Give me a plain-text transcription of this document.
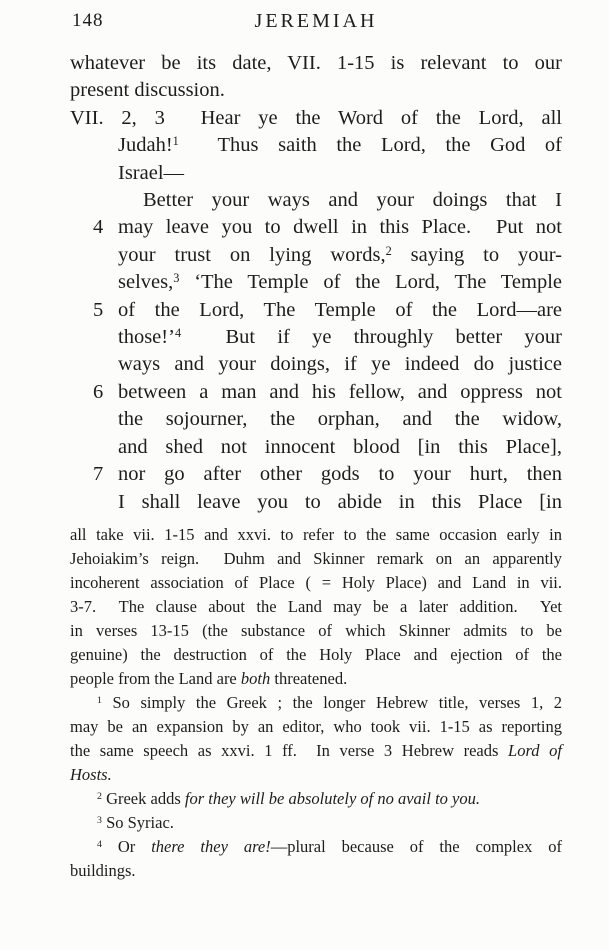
148	JEREMIAH
whatever be its date, VII. 1-15 is relevant to our
present discussion.
VII. 2, 3  Hear ye the Word of the Lord, all
Judah!$^1$  Thus saith the Lord, the God of
Israel—
Better your ways and your doings that I
4 may leave you to dwell in this Place.  Put not
your trust on lying words,$^2$ saying to your-
selves,$^3$ ‘The Temple of the Lord, The Temple
5 of the Lord, The Temple of the Lord—are
those!’$^4$  But if ye throughly better your
ways and your doings, if ye indeed do justice
6 between a man and his fellow, and oppress not
the sojourner, the orphan, and the widow,
and shed not innocent blood [in this Place],
7 nor go after other gods to your hurt, then
I shall leave you to abide in this Place [in
all take vii. 1-15 and xxvi. to refer to the same occasion early in
Jehoiakim’s reign.  Duhm and Skinner remark on an apparently
incoherent association of Place ( = Holy Place) and Land in vii.
3-7.  The clause about the Land may be a later addition.  Yet
in verses 13-15 (the substance of which Skinner admits to be
genuine) the destruction of the Holy Place and ejection of the
people from the Land are both threatened.
$^1$ So simply the Greek ; the longer Hebrew title, verses 1, 2
may be an expansion by an editor, who took vii. 1-15 as reporting
the same speech as xxvi. 1 ff.  In verse 3 Hebrew reads Lord of
Hosts.
$^2$ Greek adds for they will be absolutely of no avail to you.
$^3$ So Syriac.
$^4$ Or there they are!—plural because of the complex of
buildings.
